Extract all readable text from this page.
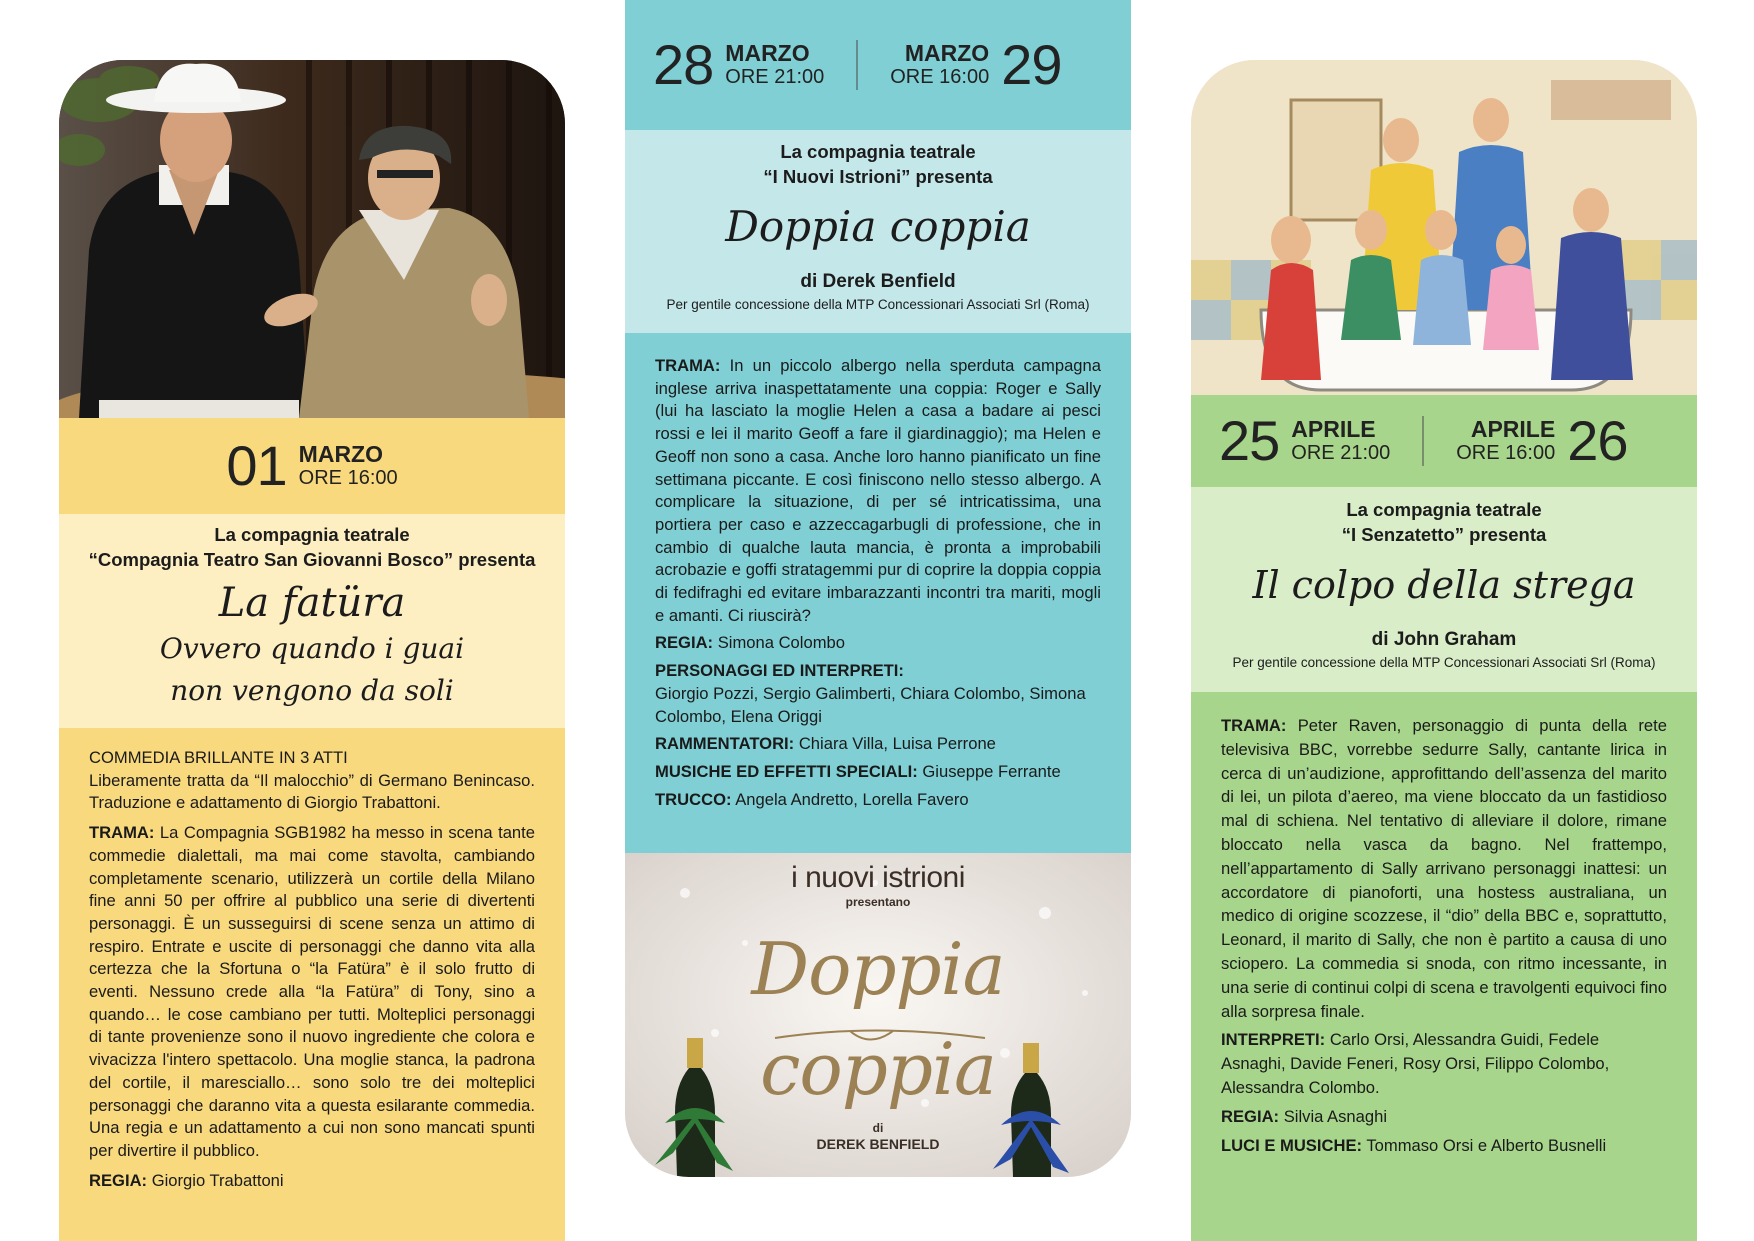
01 MARZO
ORE 16:00
La compagnia teatrale
“Compagnia Teatro San Giovanni Bosco” presenta
La fatüra
Ovvero quando i guai
non vengono da soli
COMMEDIA BRILLANTE IN 3 ATTI

Liberamente tratta da “Il malocchio” di Germano Benincaso. Traduzione e adattamento di Giorgio Trabattoni.

TRAMA: La Compagnia SGB1982 ha messo in scena tante commedie dialettali, ma mai come stavolta, cambiando completamente scenario, utilizzerà un cortile della Milano fine anni 50 per offrire al pubblico una serie di divertenti personaggi. È un susseguirsi di scene senza un attimo di respiro. Entrate e uscite di personaggi che danno vita alla certezza che la Sfortuna o “la Fatüra” è il solo frutto di eventi. Nessuno crede alla “la Fatüra” di Tony, sino a quando… le cose cambiano per tutti. Molteplici personaggi di tante provenienze sono il nuovo ingrediente che colora e vivacizza l'intero spettacolo. Una moglie stanca, la padrona del cortile, il maresciallo… sono solo tre dei molteplici personaggi che daranno vita a questa esilarante commedia. Una regia e un adattamento a cui non sono mancati spunti per divertire il pubblico.

REGIA: Giorgio Trabattoni

28 MARZO
ORE 21:00
MARZO
ORE 16:00 29
La compagnia teatrale
“I Nuovi Istrioni” presenta
Doppia coppia
di Derek Benfield
Per gentile concessione della MTP Concessionari Associati Srl (Roma)

TRAMA: In un piccolo albergo nella sperduta campagna inglese arriva inaspettatamente una coppia: Roger e Sally (lui ha lasciato la moglie Helen a casa a badare ai pesci rossi e lei il marito Geoff a fare il giardinaggio); ma Helen e Geoff non sono a casa. Anche loro hanno pianificato un fine settimana piccante. E così finiscono nello stesso albergo. A complicare la situazione, di per sé intricatissima, una portiera per caso e azzeccagarbugli di professione, che in cambio di qualche lauta mancia, è pronta a improbabili acrobazie e goffi stratagemmi pur di coprire la doppia coppia di fedifraghi ed evitare imbarazzanti incontri tra mariti, mogli e amanti. Ci riuscirà?

REGIA: Simona Colombo

PERSONAGGI ED INTERPRETI:
Giorgio Pozzi, Sergio Galimberti, Chiara Colombo, Simona Colombo, Elena Origgi

RAMMENTATORI: Chiara Villa, Luisa Perrone

MUSICHE ED EFFETTI SPECIALI: Giuseppe Ferrante

TRUCCO: Angela Andretto, Lorella Favero

i nuovi istrioni
presentano
Doppia coppia
di
DEREK BENFIELD
25 APRILE
ORE 21:00
APRILE
ORE 16:00 26
La compagnia teatrale
“I Senzatetto” presenta
Il colpo della strega
di John Graham
Per gentile concessione della MTP Concessionari Associati Srl (Roma)

TRAMA: Peter Raven, personaggio di punta della rete televisiva BBC, vorrebbe sedurre Sally, cantante lirica in cerca di un’audizione, approfittando dell’assenza del marito di lei, un pilota d’aereo, ma viene bloccato da un fastidioso mal di schiena. Nel tentativo di alleviare il dolore, rimane bloccato nella vasca da bagno. Nel frattempo, nell’appartamento di Sally arrivano personaggi inattesi: un accordatore di pianoforti, una hostess australiana, un medico di origine scozzese, il “dio” della BBC e, soprattutto, Leonard, il marito di Sally, che non è partito a causa di uno sciopero. La commedia si snoda, con ritmo incessante, in una serie di continui colpi di scena e travolgenti equivoci fino alla sorpresa finale.

INTERPRETI: Carlo Orsi, Alessandra Guidi, Fedele Asnaghi, Davide Feneri, Rosy Orsi, Filippo Colombo, Alessandra Colombo.

REGIA: Silvia Asnaghi

LUCI E MUSICHE: Tommaso Orsi e Alberto Busnelli
